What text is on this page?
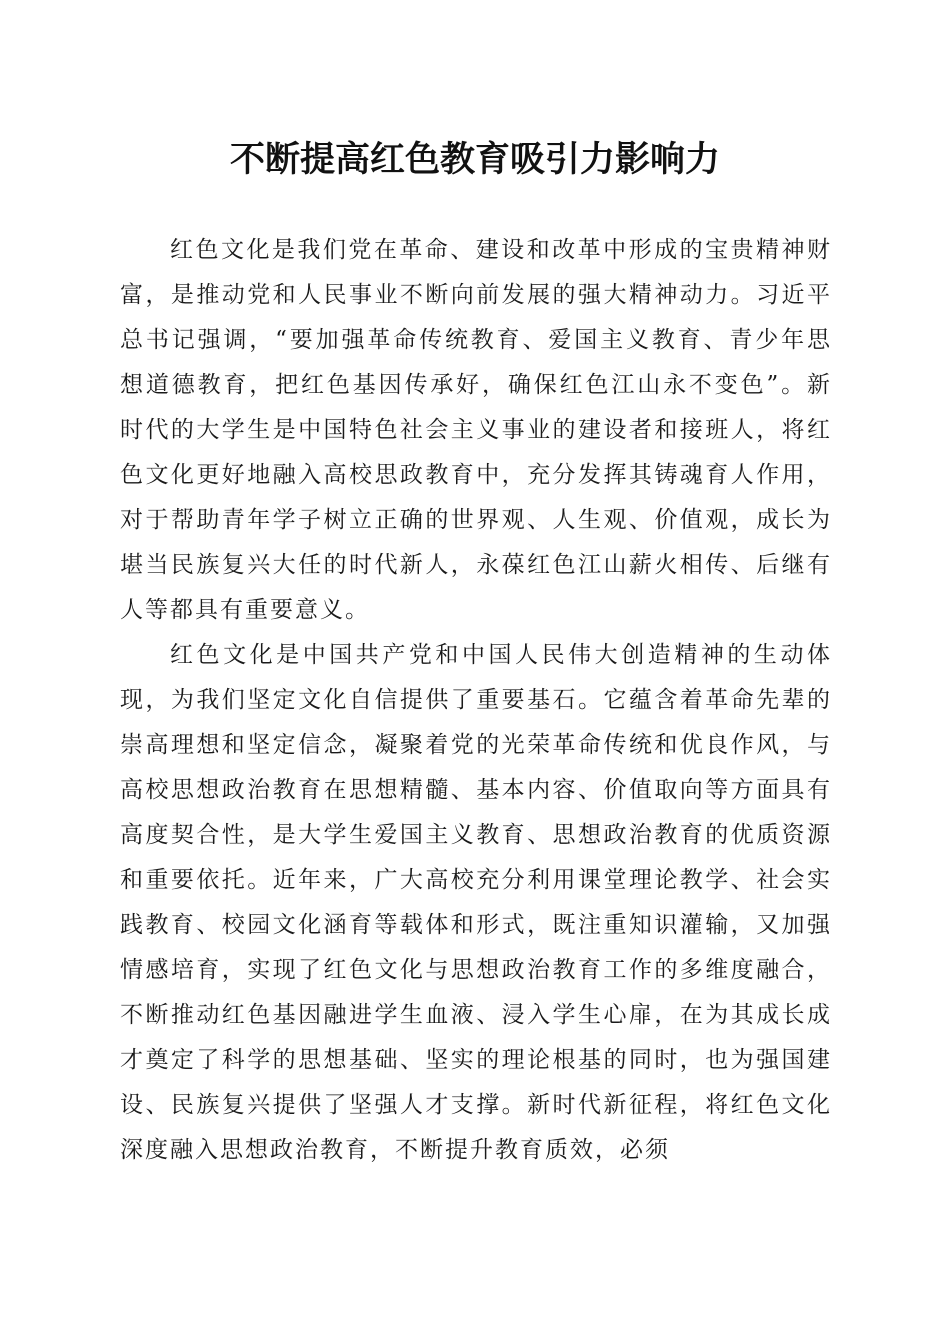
不断提高红色教育吸引力影响力

红色文化是我们党在革命、建设和改革中形成的宝贵精神财富，是推动党和人民事业不断向前发展的强大精神动力。习近平总书记强调，“要加强革命传统教育、爱国主义教育、青少年思想道德教育，把红色基因传承好，确保红色江山永不变色”。新时代的大学生是中国特色社会主义事业的建设者和接班人，将红色文化更好地融入高校思政教育中，充分发挥其铸魂育人作用，对于帮助青年学子树立正确的世界观、人生观、价值观，成长为堪当民族复兴大任的时代新人，永葆红色江山薪火相传、后继有人等都具有重要意义。

红色文化是中国共产党和中国人民伟大创造精神的生动体现，为我们坚定文化自信提供了重要基石。它蕴含着革命先辈的崇高理想和坚定信念，凝聚着党的光荣革命传统和优良作风，与高校思想政治教育在思想精髓、基本内容、价值取向等方面具有高度契合性，是大学生爱国主义教育、思想政治教育的优质资源和重要依托。近年来，广大高校充分利用课堂理论教学、社会实践教育、校园文化涵育等载体和形式，既注重知识灌输，又加强情感培育，实现了红色文化与思想政治教育工作的多维度融合，不断推动红色基因融进学生血液、浸入学生心扉，在为其成长成才奠定了科学的思想基础、坚实的理论根基的同时，也为强国建设、民族复兴提供了坚强人才支撑。新时代新征程，将红色文化深度融入思想政治教育，不断提升教育质效，必须
